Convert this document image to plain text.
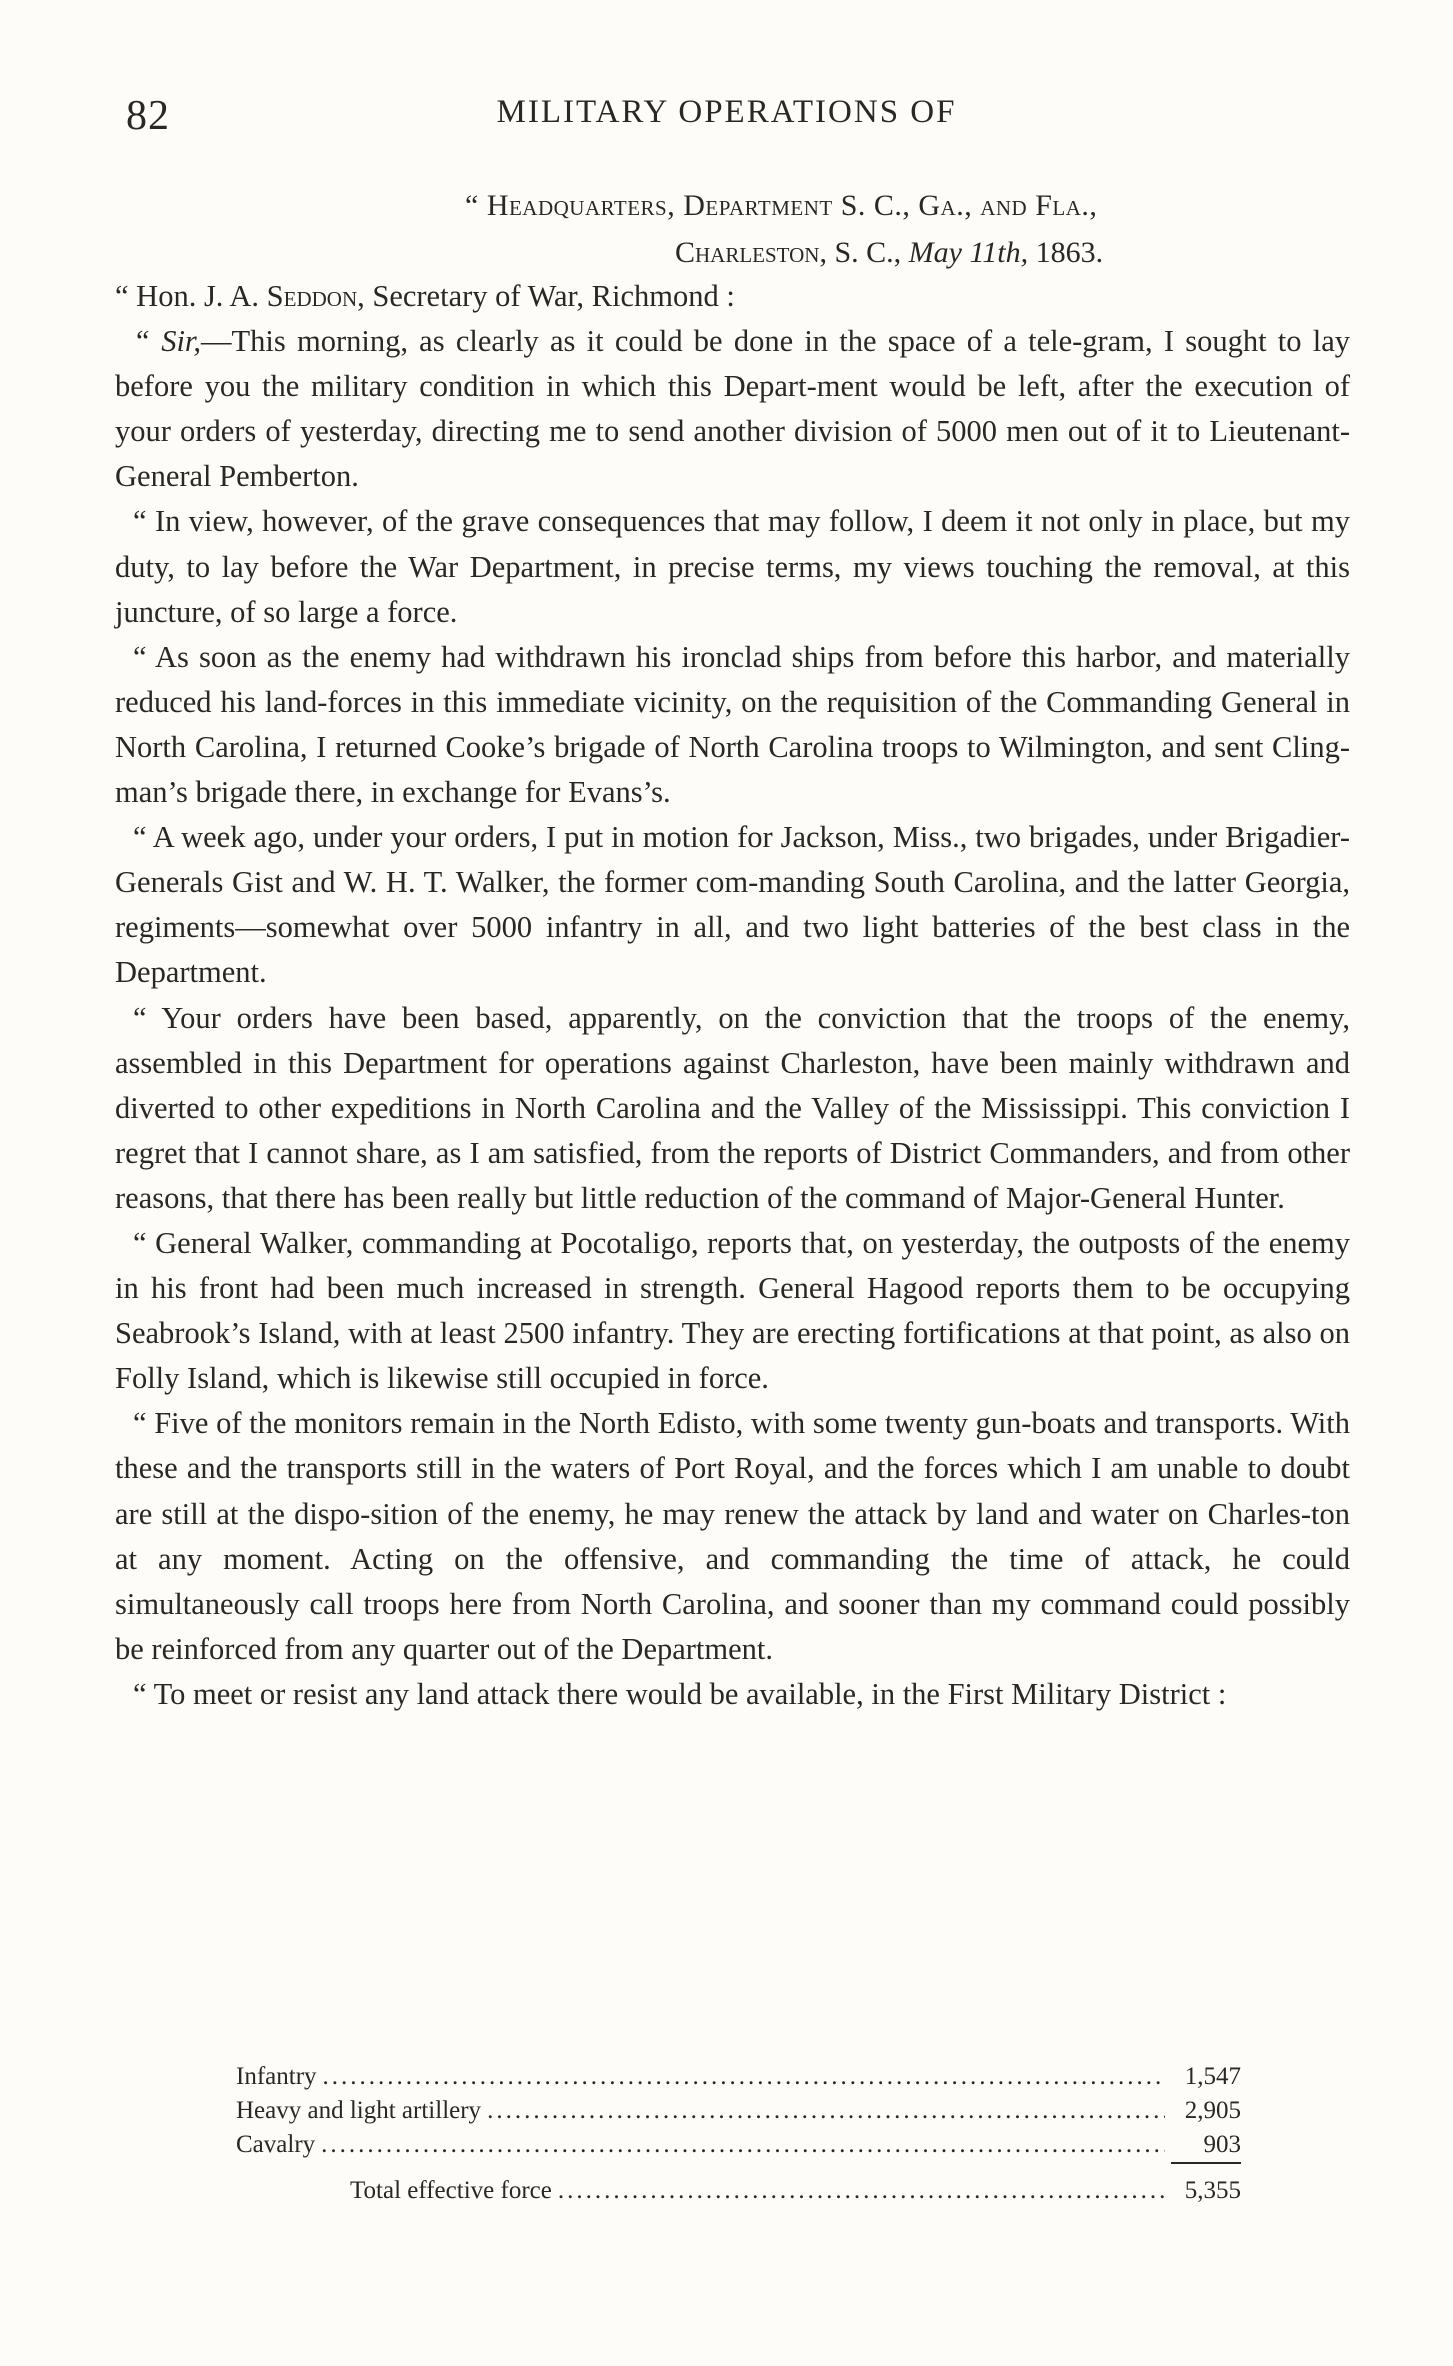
82	MILITARY OPERATIONS OF
“ Headquarters, Department S. C., Ga., and Fla.,
Charleston, S. C., May 11th, 1863.

“ Hon. J. A. Seddon, Secretary of War, Richmond :

“ Sir,—This morning, as clearly as it could be done in the space of a tele-gram, I sought to lay before you the military condition in which this Depart-ment would be left, after the execution of your orders of yesterday, directing me to send another division of 5000 men out of it to Lieutenant-General Pemberton.

“ In view, however, of the grave consequences that may follow, I deem it not only in place, but my duty, to lay before the War Department, in precise terms, my views touching the removal, at this juncture, of so large a force.

“ As soon as the enemy had withdrawn his ironclad ships from before this harbor, and materially reduced his land-forces in this immediate vicinity, on the requisition of the Commanding General in North Carolina, I returned Cooke’s brigade of North Carolina troops to Wilmington, and sent Cling-man’s brigade there, in exchange for Evans’s.

“ A week ago, under your orders, I put in motion for Jackson, Miss., two brigades, under Brigadier-Generals Gist and W. H. T. Walker, the former com-manding South Carolina, and the latter Georgia, regiments—somewhat over 5000 infantry in all, and two light batteries of the best class in the Department.

“ Your orders have been based, apparently, on the conviction that the troops of the enemy, assembled in this Department for operations against Charleston, have been mainly withdrawn and diverted to other expeditions in North Carolina and the Valley of the Mississippi. This conviction I regret that I cannot share, as I am satisfied, from the reports of District Commanders, and from other reasons, that there has been really but little reduction of the command of Major-General Hunter.

“ General Walker, commanding at Pocotaligo, reports that, on yesterday, the outposts of the enemy in his front had been much increased in strength. General Hagood reports them to be occupying Seabrook’s Island, with at least 2500 infantry. They are erecting fortifications at that point, as also on Folly Island, which is likewise still occupied in force.

“ Five of the monitors remain in the North Edisto, with some twenty gun-boats and transports. With these and the transports still in the waters of Port Royal, and the forces which I am unable to doubt are still at the dispo-sition of the enemy, he may renew the attack by land and water on Charles-ton at any moment. Acting on the offensive, and commanding the time of attack, he could simultaneously call troops here from North Carolina, and sooner than my command could possibly be reinforced from any quarter out of the Department.

“ To meet or resist any land attack there would be available, in the First Military District :

Infantry .....	1,547
Heavy and light artillery .....	2,905
Cavalry .....	903
Total effective force .....	5,355
